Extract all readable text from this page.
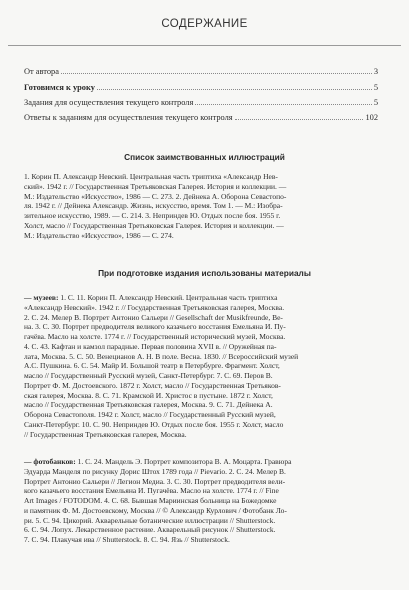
СОДЕРЖАНИЕ
От автора	3
Готовимся к уроку	5
Задания для осуществления текущего контроля	5
Ответы к заданиям для осуществления текущего контроля	102
Список заимствованных иллюстраций
1. Корин П. Александр Невский. Центральная часть триптиха «Александр Нев-
ский». 1942 г. // Государственная Третьяковская Галерея. История и коллекции. —
М.: Издательство «Искусство», 1986 — С. 273. 2. Дейнека А. Оборона Севастопо-
ля. 1942 г. // Дейнека Александр. Жизнь, искусство, время. Том 1. — М.: Изобра-
зительное искусство, 1989. — С. 214. 3. Неприндев Ю. Отдых после боя. 1955 г.
Холст, масло // Государственная Третьяковская Галерея. История и коллекции. —
М.: Издательство «Искусство», 1986 — С. 274.
При подготовке издания использованы материалы
— музеев: 1. С. 11. Корин П. Александр Невский. Центральная часть триптиха
«Александр Невский». 1942 г. // Государственная Третьяковская галерея, Москва.
2. С. 24. Мелер В. Портрет Антонио Сальери // Gesellschaft der Musikfreunde, Ве-
на. 3. С. 30. Портрет предводителя великого казачьего восстания Емельяна И. Пу-
гачёва. Масло на холсте. 1774 г. // Государственный исторический музей, Москва.
4. С. 43. Кафтан и камзол парадные. Первая половина XVII в. // Оружейная па-
лата, Москва. 5. С. 50. Венецианов А. Н. В поле. Весна. 1830. // Всероссийский музей
А.С. Пушкина. 6. С. 54. Майр И. Большой театр в Петербурге. Фрагмент. Холст,
масло // Государственный Русский музей, Санкт-Петербург. 7. С. 69. Перов В.
Портрет Ф. М. Достоевского. 1872 г. Холст, масло // Государственная Третьяков-
ская галерея, Москва. 8. С. 71. Крамской И. Христос в пустыне. 1872 г. Холст,
масло // Государственная Третьяковская галерея, Москва. 9. С. 71. Дейнека А.
Оборона Севастополя. 1942 г. Холст, масло // Государственный Русский музей,
Санкт-Петербург. 10. С. 90. Неприндев Ю. Отдых после боя. 1955 г. Холст, масло
// Государственная Третьяковская галерея, Москва.
— фотобанков: 1. С. 24. Мандель Э. Портрет композитора В. А. Моцарта. Гравюра
Эдуарда Манделя по рисунку Дорис Штох 1789 года // Pievario. 2. С. 24. Мелер В.
Портрет Антонио Сальери // Легион Медиа. 3. С. 30. Портрет предводителя вели-
кого казачьего восстания Емельяна И. Пугачёва. Масло на холсте. 1774 г. // Fine
Art Images / FOTODOM. 4. С. 68. Бывшая Мариинская больница на Божедомке
и памятник Ф. М. Достоевскому, Москва // © Александр Курлович / Фотобанк Ло-
ри. 5. С. 94. Цикорий. Акварельные ботанические иллюстрации // Shutterstock.
6. С. 94. Лопух. Лекарственное растение. Акварельный рисунок // Shutterstock.
7. С. 94. Плакучая ива // Shutterstock. 8. С. 94. Язь // Shutterstock.
